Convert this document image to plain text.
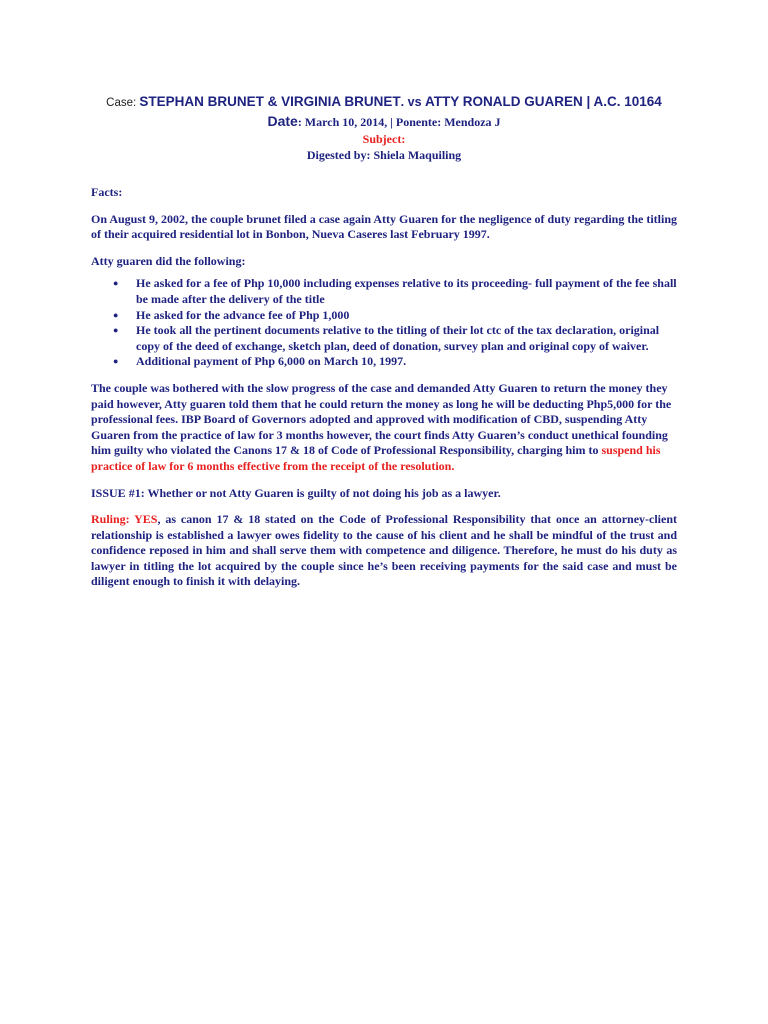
Case: STEPHAN BRUNET & VIRGINIA BRUNET. vs ATTY RONALD GUAREN | A.C. 10164
Date: March 10, 2014, | Ponente: Mendoza J
Subject:
Digested by: Shiela Maquiling

Facts:

On August 9, 2002, the couple brunet filed a case again Atty Guaren for the negligence of duty regarding the titling of their acquired residential lot in Bonbon, Nueva Caseres last February 1997.

Atty guaren did the following:

● He asked for a fee of Php 10,000 including expenses relative to its proceeding- full payment of the fee shall be made after the delivery of the title
● He asked for the advance fee of Php 1,000
● He took all the pertinent documents relative to the titling of their lot ctc of the tax declaration, original copy of the deed of exchange, sketch plan, deed of donation, survey plan and original copy of waiver.
● Additional payment of Php 6,000 on March 10, 1997.

The couple was bothered with the slow progress of the case and demanded Atty Guaren to return the money they paid however, Atty guaren told them that he could return the money as long he will be deducting Php5,000 for the professional fees. IBP Board of Governors adopted and approved with modification of CBD, suspending Atty Guaren from the practice of law for 3 months however, the court finds Atty Guaren’s conduct unethical founding him guilty who violated the Canons 17 & 18 of Code of Professional Responsibility, charging him to suspend his practice of law for 6 months effective from the receipt of the resolution.

ISSUE #1: Whether or not Atty Guaren is guilty of not doing his job as a lawyer.

Ruling: YES, as canon 17 & 18 stated on the Code of Professional Responsibility that once an attorney-client relationship is established a lawyer owes fidelity to the cause of his client and he shall be mindful of the trust and confidence reposed in him and shall serve them with competence and diligence. Therefore, he must do his duty as lawyer in titling the lot acquired by the couple since he’s been receiving payments for the said case and must be diligent enough to finish it with delaying.
